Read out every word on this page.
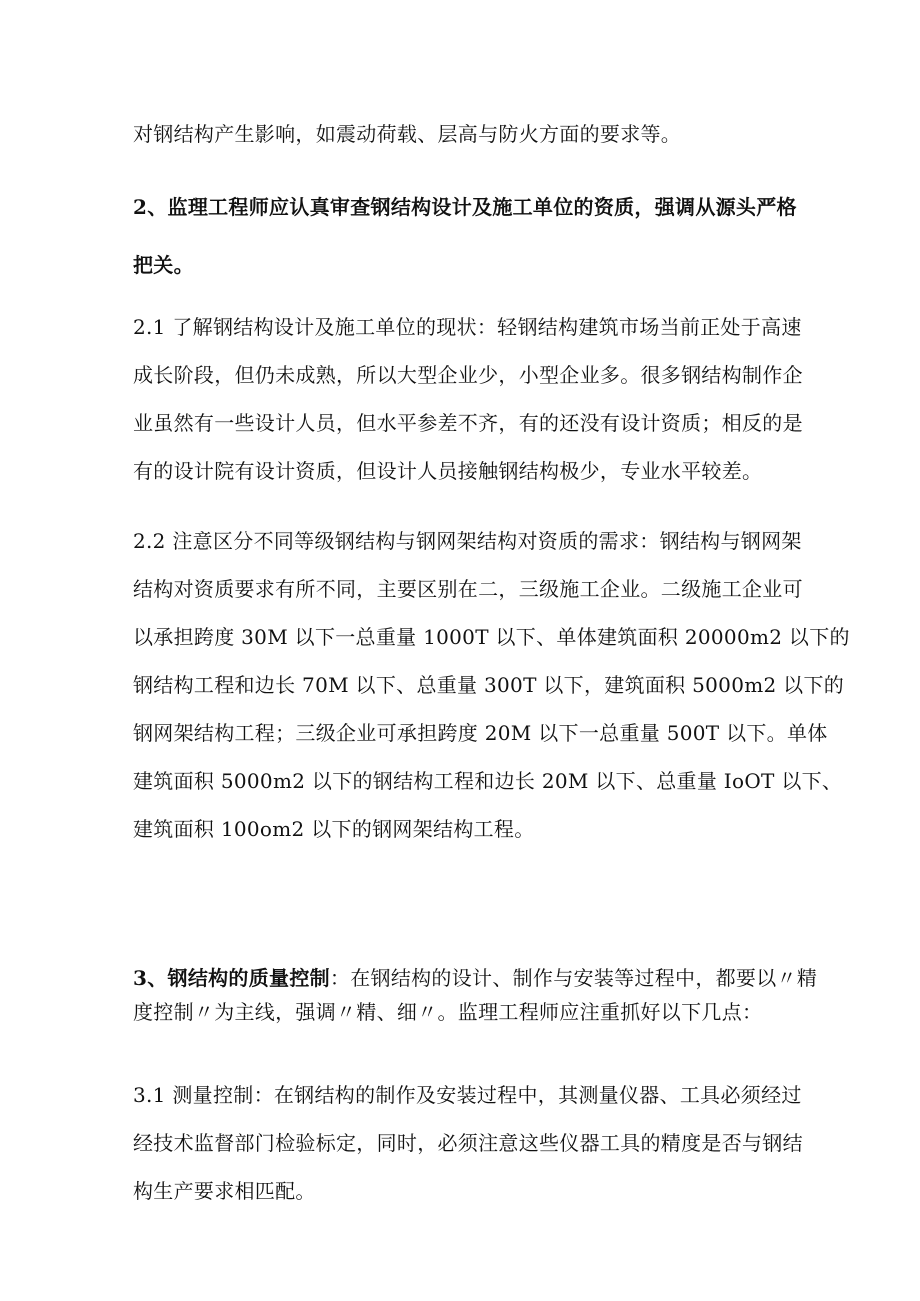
对钢结构产生影响，如震动荷载、层高与防火方面的要求等。

2、监理工程师应认真审查钢结构设计及施工单位的资质，强调从源头严格
把关。

2.1 了解钢结构设计及施工单位的现状：轻钢结构建筑市场当前正处于高速
成长阶段，但仍未成熟，所以大型企业少，小型企业多。很多钢结构制作企
业虽然有一些设计人员，但水平参差不齐，有的还没有设计资质；相反的是
有的设计院有设计资质，但设计人员接触钢结构极少，专业水平较差。

2.2 注意区分不同等级钢结构与钢网架结构对资质的需求：钢结构与钢网架
结构对资质要求有所不同，主要区别在二，三级施工企业。二级施工企业可
以承担跨度 30M 以下一总重量 1000T 以下、单体建筑面积 20000m2 以下的
钢结构工程和边长 70M 以下、总重量 300T 以下，建筑面积 5000m2 以下的
钢网架结构工程；三级企业可承担跨度 20M 以下一总重量 500T 以下。单体
建筑面积 5000m2 以下的钢结构工程和边长 20M 以下、总重量 IoOT 以下、
建筑面积 100om2 以下的钢网架结构工程。

3、钢结构的质量控制：在钢结构的设计、制作与安装等过程中，都要以〃精
度控制〃为主线，强调〃精、细〃。监理工程师应注重抓好以下几点：

3.1 测量控制：在钢结构的制作及安装过程中，其测量仪器、工具必须经过
经技术监督部门检验标定，同时，必须注意这些仪器工具的精度是否与钢结
构生产要求相匹配。
